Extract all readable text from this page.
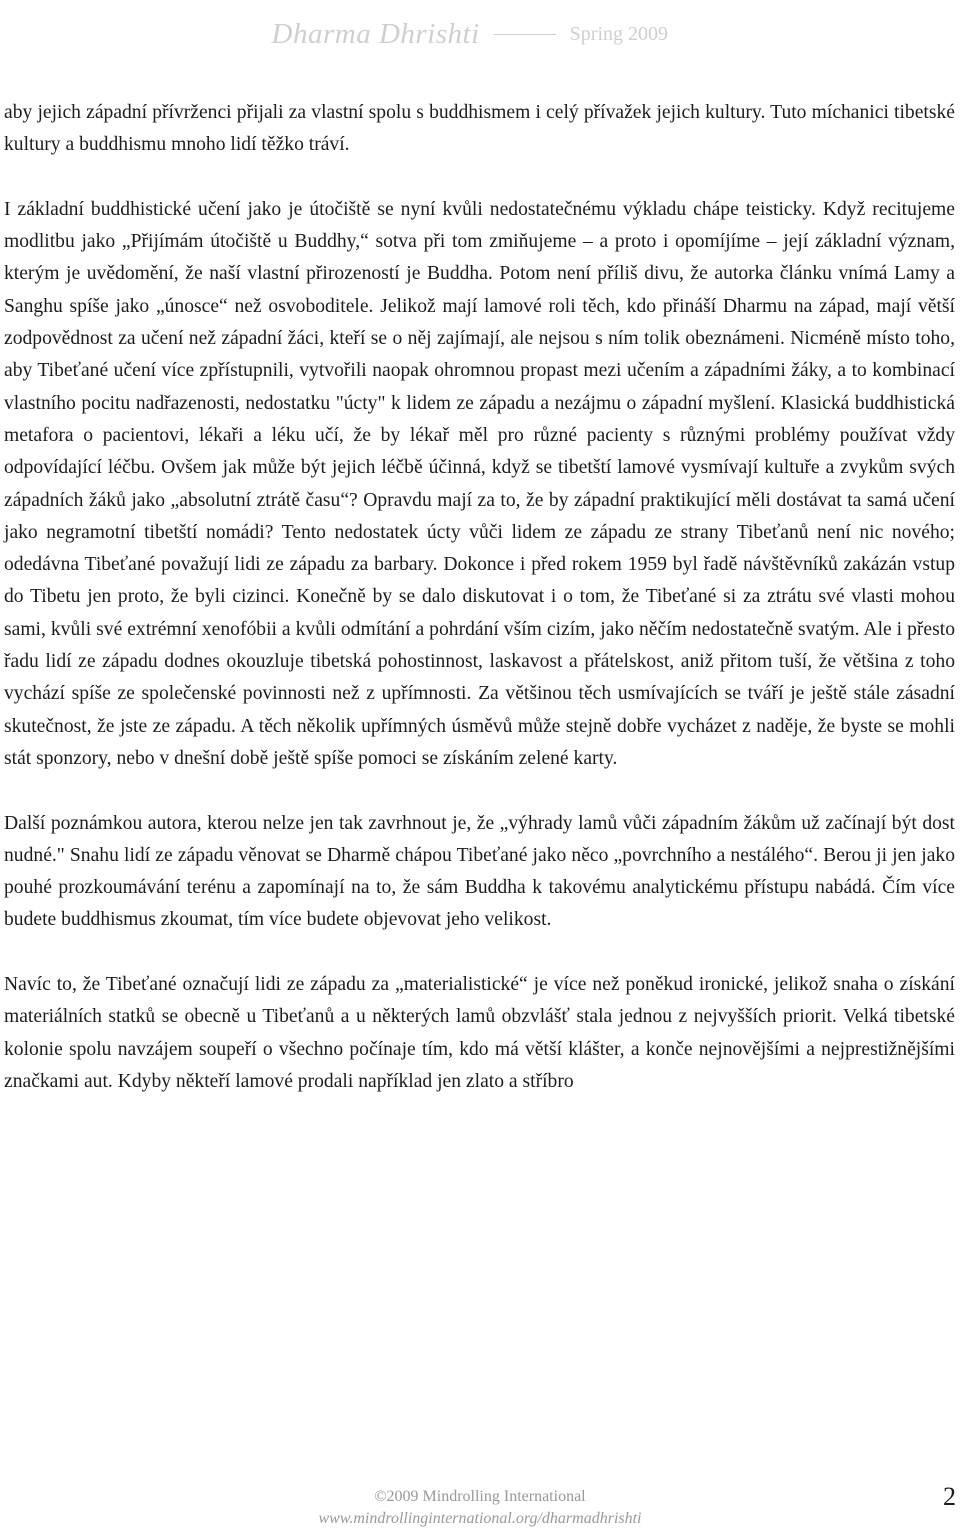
Dharma Dhrishti	Spring 2009

aby jejich západní přívrženci přijali za vlastní spolu s buddhismem i celý přívažek jejich kultury. Tuto míchanici tibetské kultury a buddhismu mnoho lidí těžko tráví.

I základní buddhistické učení jako je útočiště se nyní kvůli nedostatečnému výkladu chápe teisticky. Když recitujeme modlitbu jako „Přijímám útočiště u Buddhy,“ sotva při tom zmiňujeme – a proto i opomíjíme – její základní význam, kterým je uvědomění, že naší vlastní přirozeností je Buddha. Potom není příliš divu, že autorka článku vnímá Lamy a Sanghu spíše jako „únosce“ než osvoboditele. Jelikož mají lamové roli těch, kdo přináší Dharmu na západ, mají větší zodpovědnost za učení než západní žáci, kteří se o něj zajímají, ale nejsou s ním tolik obeznámeni. Nicméně místo toho, aby Tibeťané učení více zpřístupnili, vytvořili naopak ohromnou propast mezi učením a západními žáky, a to kombinací vlastního pocitu nadřazenosti, nedostatku "úcty" k lidem ze západu a nezájmu o západní myšlení. Klasická buddhistická metafora o pacientovi, lékaři a léku učí, že by lékař měl pro různé pacienty s různými problémy používat vždy odpovídající léčbu. Ovšem jak může být jejich léčbě účinná, když se tibetští lamové vysmívají kultuře a zvykům svých západních žáků jako „absolutní ztrátě času“? Opravdu mají za to, že by západní praktikující měli dostávat ta samá učení jako negramotní tibetští nomádi? Tento nedostatek úcty vůči lidem ze západu ze strany Tibeťanů není nic nového; odedávna Tibeťané považují lidi ze západu za barbary. Dokonce i před rokem 1959 byl řadě návštěvníků zakázán vstup do Tibetu jen proto, že byli cizinci. Konečně by se dalo diskutovat i o tom, že Tibeťané si za ztrátu své vlasti mohou sami, kvůli své extrémní xenofóbii a kvůli odmítání a pohrdání vším cizím, jako něčím nedostatečně svatým. Ale i přesto řadu lidí ze západu dodnes okouzluje tibetská pohostinnost, laskavost a přátelskost, aniž přitom tuší, že většina z toho vychází spíše ze společenské povinnosti než z upřímnosti. Za většinou těch usmívajících se tváří je ještě stále zásadní skutečnost, že jste ze západu. A těch několik upřímných úsměvů může stejně dobře vycházet z naděje, že byste se mohli stát sponzory, nebo v dnešní době ještě spíše pomoci se získáním zelené karty.

Další poznámkou autora, kterou nelze jen tak zavrhnout je, že „výhrady lamů vůči západním žákům už začínají být dost nudné." Snahu lidí ze západu věnovat se Dharmě chápou Tibeťané jako něco „povrchního a nestálého“. Berou ji jen jako pouhé prozkoumávání terénu a zapomínají na to, že sám Buddha k takovému analytickému přístupu nabádá. Čím více budete buddhismus zkoumat, tím více budete objevovat jeho velikost.

Navíc to, že Tibeťané označují lidi ze západu za „materialistické“ je více než poněkud ironické, jelikož snaha o získání materiálních statků se obecně u Tibeťanů a u některých lamů obzvlášť stala jednou z nejvyšších priorit. Velká tibetské kolonie spolu navzájem soupeří o všechno počínaje tím, kdo má větší klášter, a konče nejnovějšími a nejprestižnějšími značkami aut. Kdyby někteří lamové prodali například jen zlato a stříbro

©2009 Mindrolling International
www.mindrollinginternational.org/dharmadhrishti
2
